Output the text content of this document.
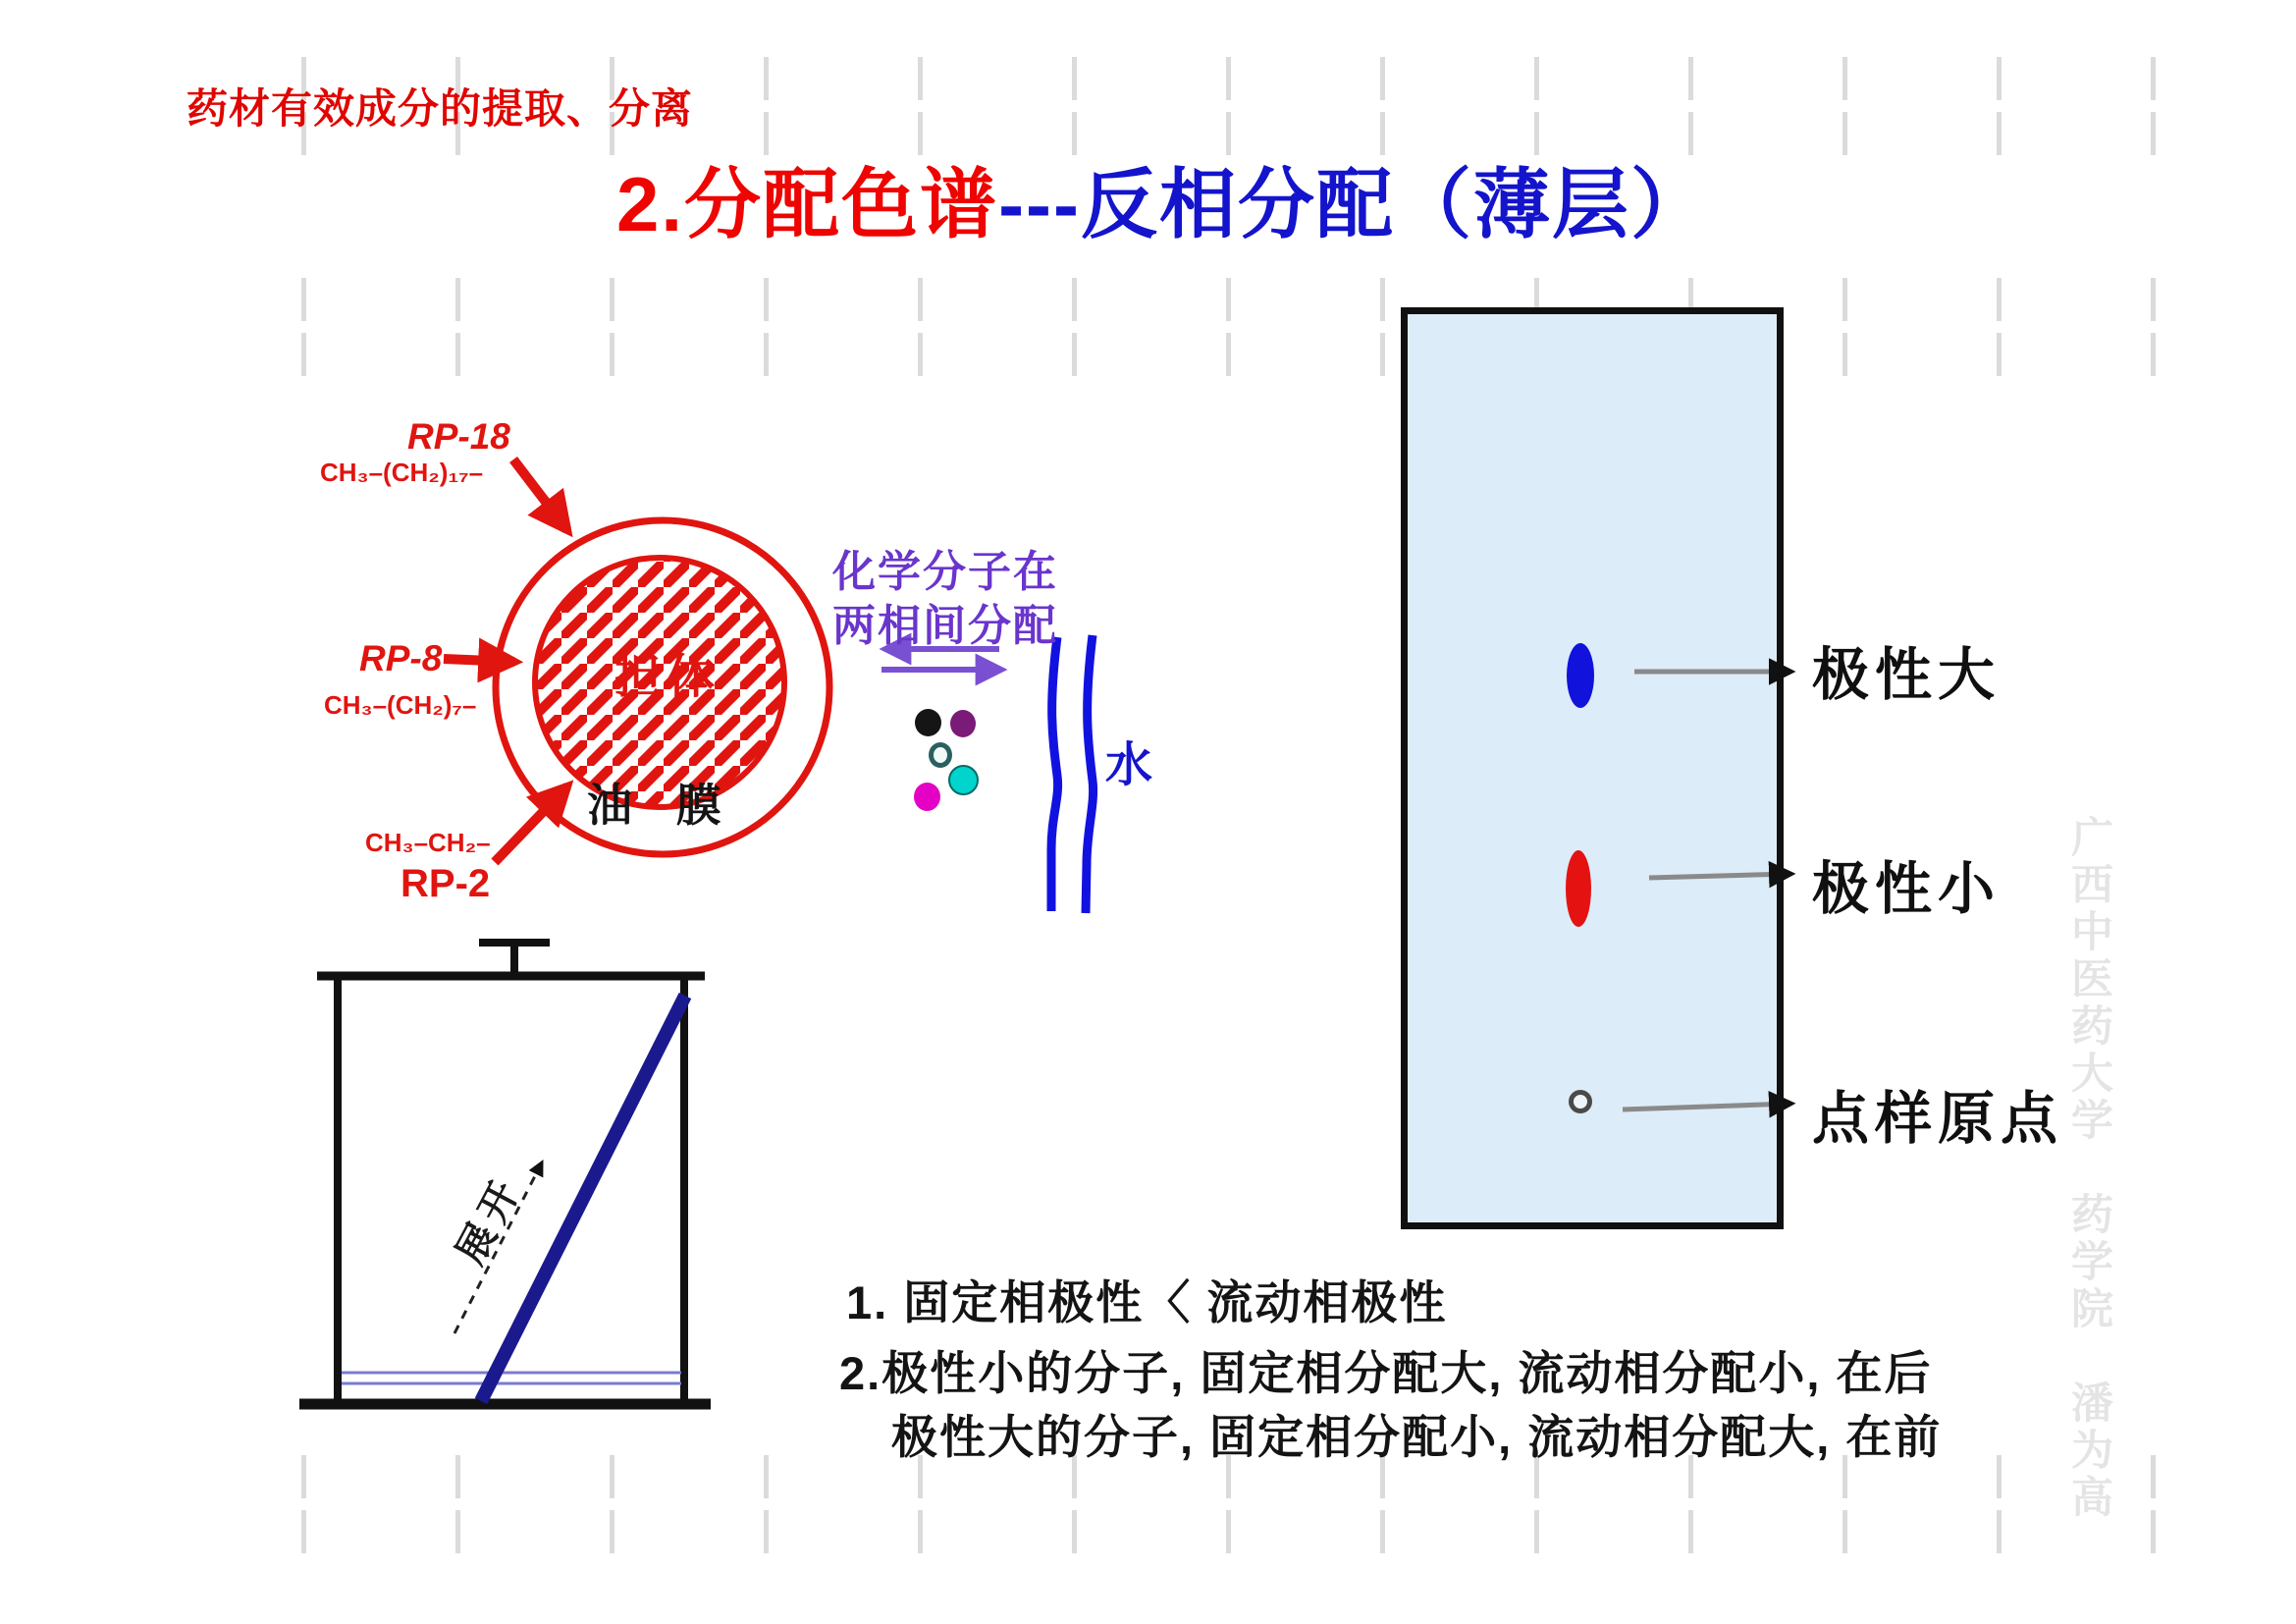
药材有效成分的提取、分离
2.分配色谱---反相分配（薄层）
RP-18
CH₃–(CH₂)₁₇–
RP-8
CH₃–(CH₂)₇–
CH₃–CH₂–
RP-2
担体
油 膜
化学分子在
两相间分配
水
极性大
极性小
点样原点
展开
1. 固定相极性〈 流动相极性
2.极性小的分子, 固定相分配大, 流动相分配小, 在后
极性大的分子, 固定相分配小, 流动相分配大, 在前	广西中医药大学　药学院　潘为高
